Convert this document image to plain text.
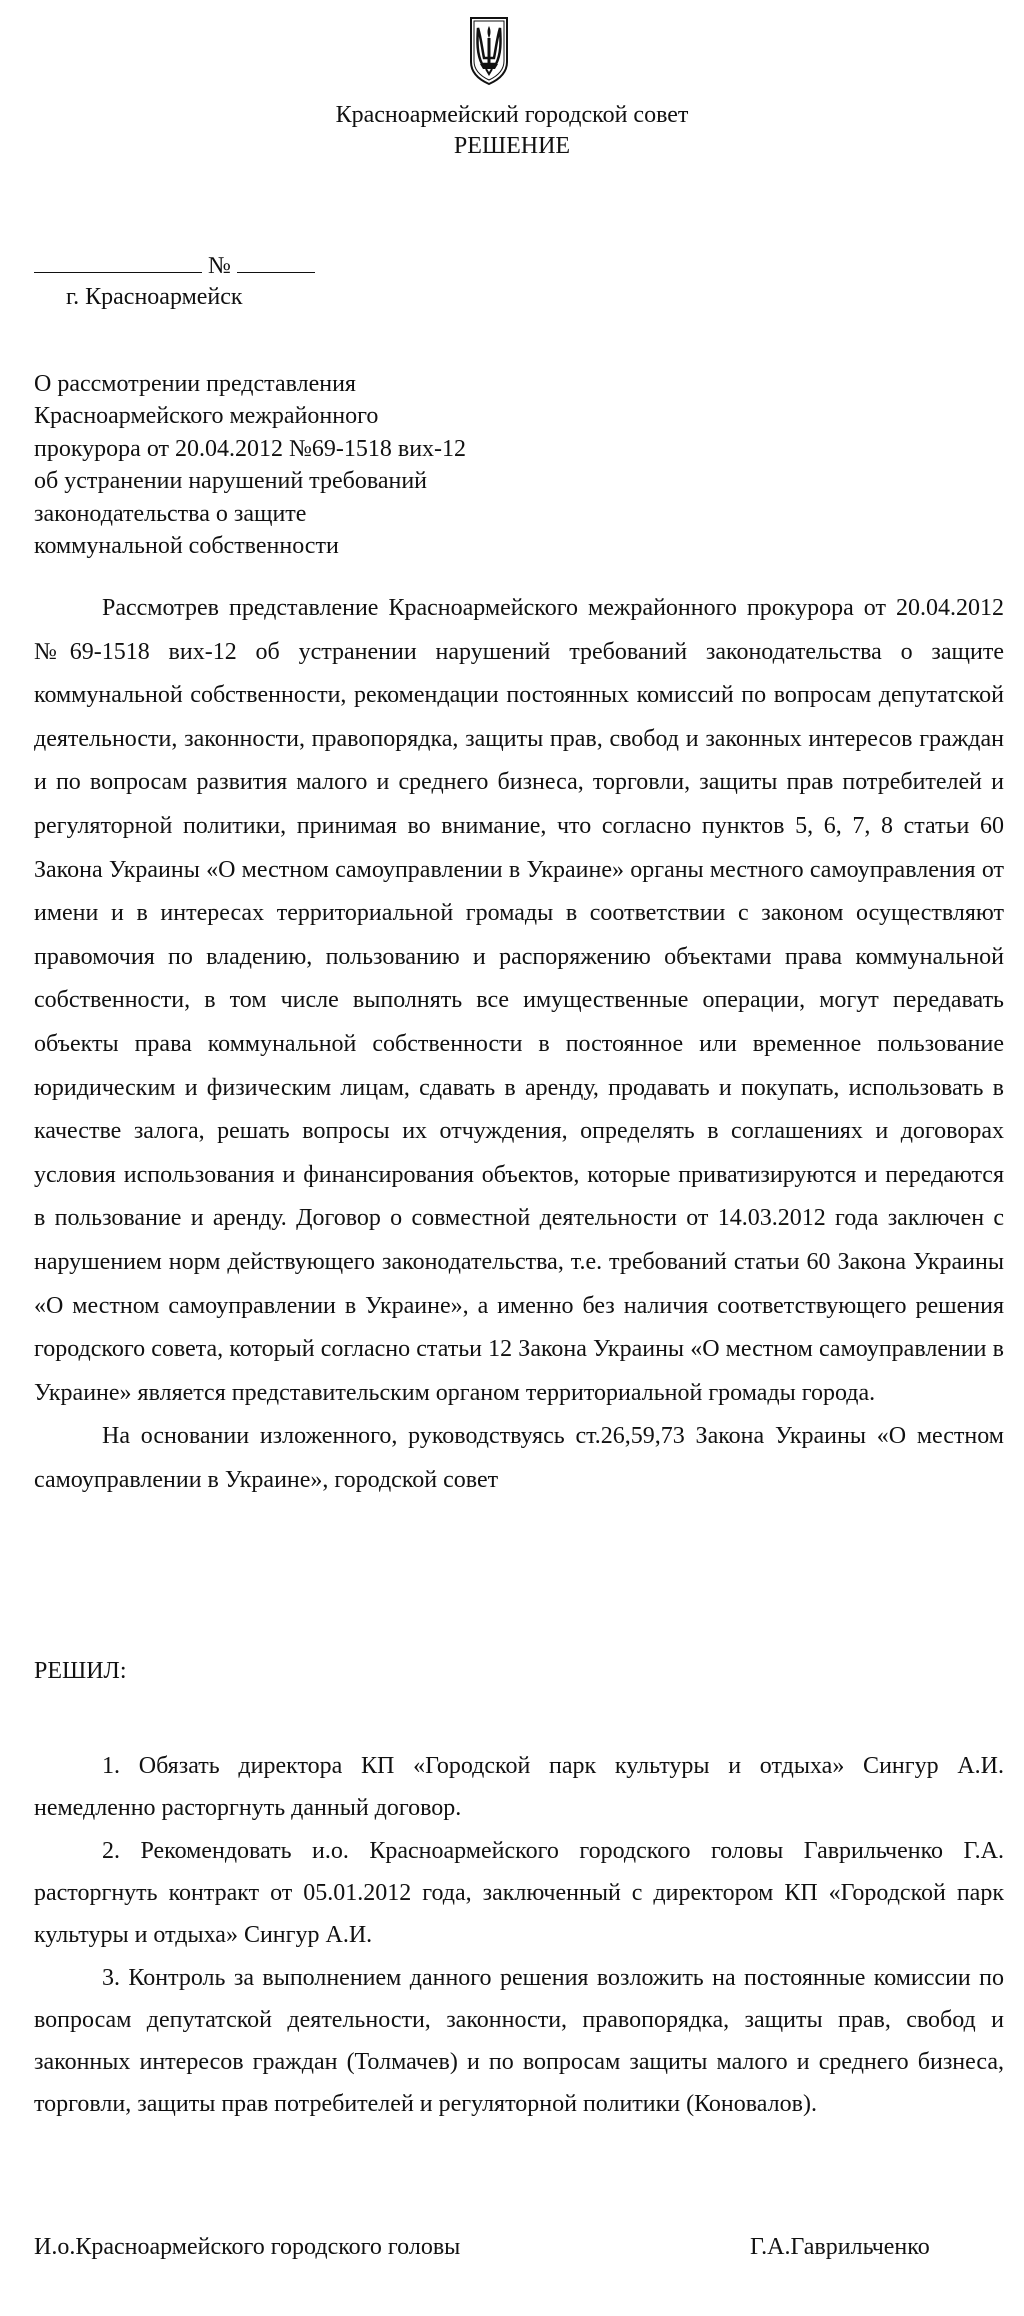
Красноармейский городской совет
РЕШЕНИЕ
№
г. Красноармейск
О рассмотрении представления
Красноармейского межрайонного
прокурора от 20.04.2012 №69-1518 вих-12
об устранении нарушений требований
законодательства о защите
коммунальной собственности

Рассмотрев представление Красноармейского межрайонного прокурора от 20.04.2012 №69-1518 вих-12 об устранении нарушений требований законодательства о защите коммунальной собственности, рекомендации постоянных комиссий по вопросам депутатской деятельности, законности, правопорядка, защиты прав, свобод и законных интересов граждан и по вопросам развития малого и среднего бизнеса, торговли, защиты прав потребителей и регуляторной политики, принимая во внимание, что согласно пунктов 5, 6, 7, 8 статьи 60 Закона Украины «О местном самоуправлении в Украине» органы местного самоуправления от имени и в интересах территориальной громады в соответствии с законом осуществляют правомочия по владению, пользованию и распоряжению объектами права коммунальной собственности, в том числе выполнять все имущественные операции, могут передавать объекты права коммунальной собственности в постоянное или временное пользование юридическим и физическим лицам, сдавать в аренду, продавать и покупать, использовать в качестве залога, решать вопросы их отчуждения, определять в соглашениях и договорах условия использования и финансирования объектов, которые приватизируются и передаются в пользование и аренду. Договор о совместной деятельности от 14.03.2012 года заключен с нарушением норм действующего законодательства, т.е. требований статьи 60 Закона Украины «О местном самоуправлении в Украине», а именно без наличия соответствующего решения городского совета, который согласно статьи 12 Закона Украины «О местном самоуправлении в Украине» является представительским органом территориальной громады города.

На основании изложенного, руководствуясь ст.26,59,73 Закона Украины «О местном самоуправлении в Украине», городской совет

РЕШИЛ:

1. Обязать директора КП «Городской парк культуры и отдыха» Сингур А.И. немедленно расторгнуть данный договор.

2. Рекомендовать и.о. Красноармейского городского головы Гаврильченко Г.А. расторгнуть контракт от 05.01.2012 года, заключенный с директором КП «Городской парк культуры и отдыха» Сингур А.И.

3. Контроль за выполнением данного решения возложить на постоянные комиссии по вопросам депутатской деятельности, законности, правопорядка, защиты прав, свобод и законных интересов граждан (Толмачев) и по вопросам защиты малого и среднего бизнеса, торговли, защиты прав потребителей и регуляторной политики (Коновалов).

И.о.Красноармейского городского головы	Г.А.Гаврильченко
